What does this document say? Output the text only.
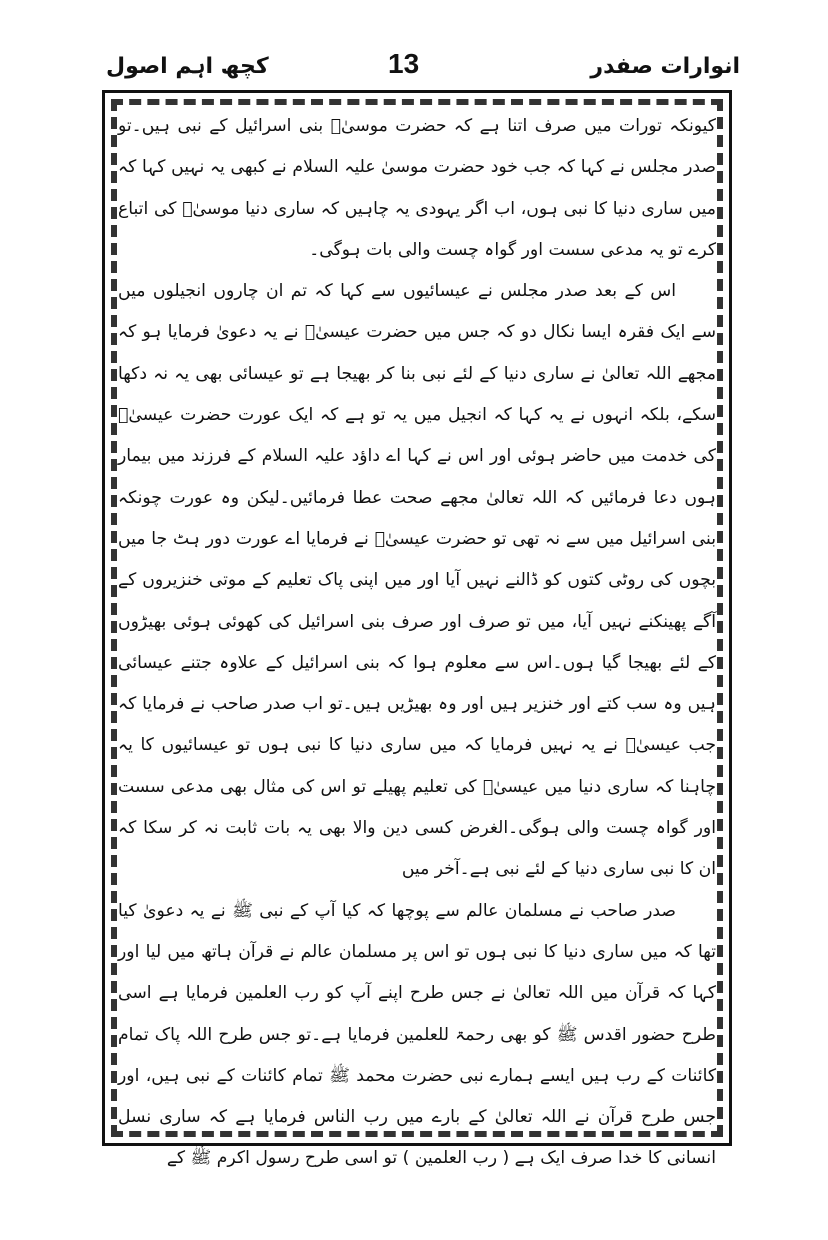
انوارات صفدر
13
کچھ اہم اصول

کیونکہ تورات میں صرف اتنا ہے کہ حضرت موسیٰؑ بنی اسرائیل کے نبی ہیں۔تو صدر مجلس نے کہا کہ جب خود حضرت موسیٰ علیہ السلام نے کبھی یہ نہیں کہا کہ میں ساری دنیا کا نبی ہوں، اب اگر یہودی یہ چاہیں کہ ساری دنیا موسیٰؑ کی اتباع کرے تو یہ مدعی سست اور گواہ چست والی بات ہوگی۔

اس کے بعد صدر مجلس نے عیسائیوں سے کہا کہ تم ان چاروں انجیلوں میں سے ایک فقرہ ایسا نکال دو کہ جس میں حضرت عیسیٰؑ نے یہ دعویٰ فرمایا ہو کہ مجھے اللہ تعالیٰ نے ساری دنیا کے لئے نبی بنا کر بھیجا ہے تو عیسائی بھی یہ نہ دکھا سکے، بلکہ انہوں نے یہ کہا کہ انجیل میں یہ تو ہے کہ ایک عورت حضرت عیسیٰؑ کی خدمت میں حاضر ہوئی اور اس نے کہا اے داؤد علیہ السلام کے فرزند میں بیمار ہوں دعا فرمائیں کہ اللہ تعالیٰ مجھے صحت عطا فرمائیں۔لیکن وہ عورت چونکہ بنی اسرائیل میں سے نہ تھی تو حضرت عیسیٰؑ نے فرمایا اے عورت دور ہٹ جا میں بچوں کی روٹی کتوں کو ڈالنے نہیں آیا اور میں اپنی پاک تعلیم کے موتی خنزیروں کے آگے پھینکنے نہیں آیا، میں تو صرف اور صرف بنی اسرائیل کی کھوئی ہوئی بھیڑوں کے لئے بھیجا گیا ہوں۔اس سے معلوم ہوا کہ بنی اسرائیل کے علاوہ جتنے عیسائی ہیں وہ سب کتے اور خنزیر ہیں اور وہ بھیڑیں ہیں۔تو اب صدر صاحب نے فرمایا کہ جب عیسیٰؑ نے یہ نہیں فرمایا کہ میں ساری دنیا کا نبی ہوں تو عیسائیوں کا یہ چاہنا کہ ساری دنیا میں عیسیٰؑ کی تعلیم پھیلے تو اس کی مثال بھی مدعی سست اور گواہ چست والی ہوگی۔الغرض کسی دین والا بھی یہ بات ثابت نہ کر سکا کہ ان کا نبی ساری دنیا کے لئے نبی ہے۔آخر میں

صدر صاحب نے مسلمان عالم سے پوچھا کہ کیا آپ کے نبی ﷺ نے یہ دعویٰ کیا تھا کہ میں ساری دنیا کا نبی ہوں تو اس پر مسلمان عالم نے قرآن ہاتھ میں لیا اور کہا کہ قرآن میں اللہ تعالیٰ نے جس طرح اپنے آپ کو رب العلمین فرمایا ہے اسی طرح حضور اقدس ﷺ کو بھی رحمۃ للعلمین فرمایا ہے۔تو جس طرح اللہ پاک تمام کائنات کے رب ہیں ایسے ہمارے نبی حضرت محمد ﷺ تمام کائنات کے نبی ہیں، اور جس طرح قرآن نے اللہ تعالیٰ کے بارے میں رب الناس فرمایا ہے کہ ساری نسل انسانی کا خدا صرف ایک ہے ( رب العلمین ) تو اسی طرح رسول اکرم ﷺ کے
